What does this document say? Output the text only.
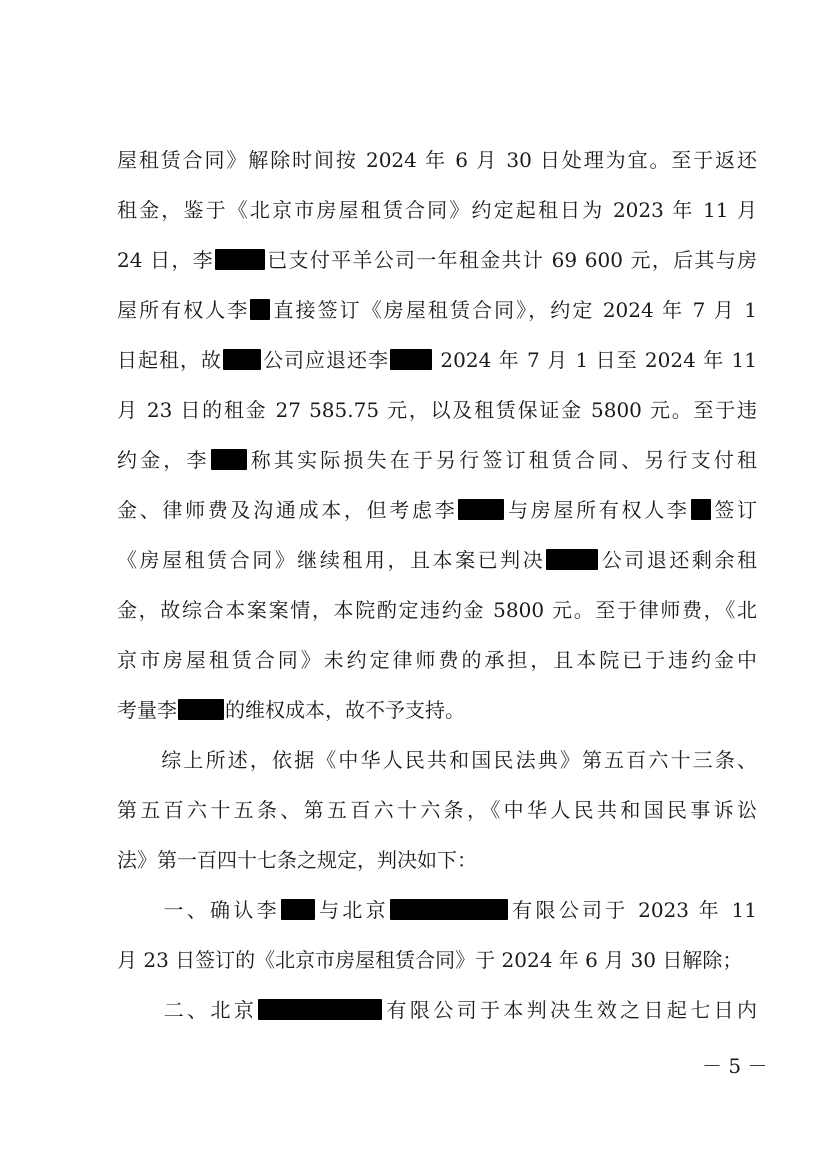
屋租赁合同》解除时间按 2024 年 6 月 30 日处理为宜。至于返还
租金，鉴于《北京市房屋租赁合同》约定起租日为 2023 年 11 月
24 日，李	已支付平羊公司一年租金共计 69 600 元，后其与房
屋所有权人李 直接签订《房屋租赁合同》，约定 2024 年 7 月 1
日起租，故 公司应退还李 2024 年 7 月 1 日至 2024 年 11
月 23 日的租金 27 585.75 元，以及租赁保证金 5800 元。至于违
约金，李 称其实际损失在于另行签订租赁合同、另行支付租
金、律师费及沟通成本，但考虑李 与房屋所有权人李 签订
《房屋租赁合同》继续租用，且本案已判决	公司退还剩余租
金，故综合本案案情，本院酌定违约金 5800 元。至于律师费，《北
京市房屋租赁合同》未约定律师费的承担，且本院已于违约金中
考量李 的维权成本，故不予支持。
　　综上所述，依据《中华人民共和国民法典》第五百六十三条、
第五百六十五条、第五百六十六条，《中华人民共和国民事诉讼
法》第一百四十七条之规定，判决如下：
　　一、确认李 与北京	有限公司于 2023 年 11
月 23 日签订的《北京市房屋租赁合同》于 2024 年 6 月 30 日解除；
　　二、北京	有限公司于本判决生效之日起七日内
－ 5 －
